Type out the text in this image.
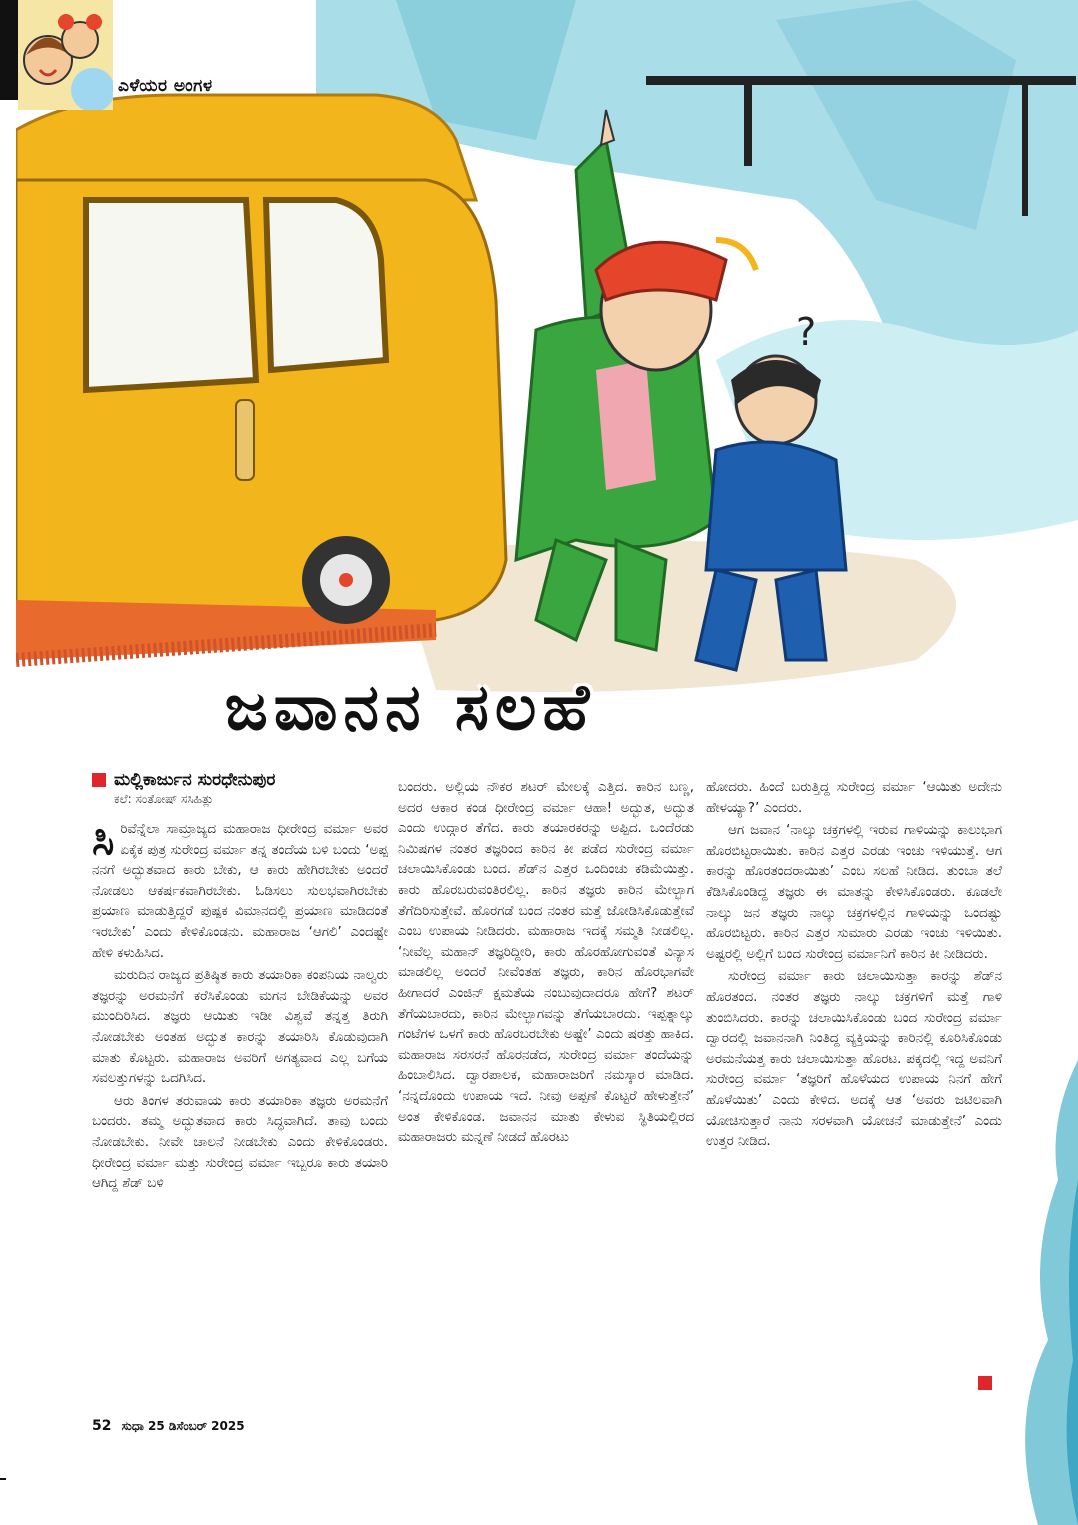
?
ಎಳೆಯರ ಅಂಗಳ
ಜವಾನನ ಸಲಹೆ
ಮಲ್ಲಿಕಾರ್ಜುನ ಸುರಧೇನುಪುರ
ಕಲೆ: ಸಂತೋಷ್ ಸಸಿಹಿತ್ಲು

ಸಿರಿವೆನ್ನೆಲಾ ಸಾಮ್ರಾಜ್ಯದ ಮಹಾರಾಜ ಧೀರೇಂದ್ರ ವರ್ಮಾ ಅವರ ಏಕೈಕ ಪುತ್ರ ಸುರೇಂದ್ರ ವರ್ಮಾ ತನ್ನ ತಂದೆಯ ಬಳಿ ಬಂದು ‘ಅಪ್ಪ ನನಗೆ ಅದ್ಭುತವಾದ ಕಾರು ಬೇಕು, ಆ ಕಾರು ಹೇಗಿರಬೇಕು ಅಂದರೆ ನೋಡಲು ಆಕರ್ಷಕವಾಗಿರಬೇಕು. ಓಡಿಸಲು ಸುಲಭವಾಗಿರಬೇಕು ಪ್ರಯಾಣ ಮಾಡುತ್ತಿದ್ದರೆ ಪುಷ್ಪಕ ವಿಮಾನದಲ್ಲಿ ಪ್ರಯಾಣ ಮಾಡಿದಂತೆ ಇರಬೇಕು’ ಎಂದು ಕೇಳಿಕೊಂಡನು. ಮಹಾರಾಜ ‘ಆಗಲಿ’ ಎಂದಷ್ಟೇ ಹೇಳಿ ಕಳುಹಿಸಿದ.

ಮರುದಿನ ರಾಜ್ಯದ ಪ್ರತಿಷ್ಠಿತ ಕಾರು ತಯಾರಿಕಾ ಕಂಪನಿಯ ನಾಲ್ವರು ತಜ್ಞರನ್ನು ಅರಮನೆಗೆ ಕರೆಸಿಕೊಂಡು ಮಗನ ಬೇಡಿಕೆಯನ್ನು ಅವರ ಮುಂದಿರಿಸಿದ. ತಜ್ಞರು ಆಯಿತು ಇಡೀ ವಿಶ್ವವೆ ತನ್ನತ್ತ ತಿರುಗಿ ನೋಡಬೇಕು ಅಂತಹ ಅದ್ಭುತ ಕಾರನ್ನು ತಯಾರಿಸಿ ಕೊಡುವುದಾಗಿ ಮಾತು ಕೊಟ್ಟರು. ಮಹಾರಾಜ ಅವರಿಗೆ ಅಗತ್ಯವಾದ ಎಲ್ಲ ಬಗೆಯ ಸವಲತ್ತುಗಳನ್ನು ಒದಗಿಸಿದ.

ಆರು ತಿಂಗಳ ತರುವಾಯ ಕಾರು ತಯಾರಿಕಾ ತಜ್ಞರು ಅರಮನೆಗೆ ಬಂದರು. ತಮ್ಮ ಅದ್ಭುತವಾದ ಕಾರು ಸಿದ್ಧವಾಗಿದೆ. ತಾವು ಬಂದು ನೋಡಬೇಕು. ನೀವೇ ಚಾಲನೆ ನೀಡಬೇಕು ಎಂದು ಕೇಳಿಕೊಂಡರು. ಧೀರೇಂದ್ರ ವರ್ಮಾ ಮತ್ತು ಸುರೇಂದ್ರ ವರ್ಮಾ ಇಬ್ಬರೂ ಕಾರು ತಯಾರಿ ಆಗಿದ್ದ ಶೆಡ್ ಬಳಿ

ಬಂದರು. ಅಲ್ಲಿಯ ನೌಕರ ಶಟರ್ ಮೇಲಕ್ಕೆ ಎತ್ತಿದ. ಕಾರಿನ ಬಣ್ಣ, ಅದರ ಆಕಾರ ಕಂಡ ಧೀರೇಂದ್ರ ವರ್ಮಾ ಆಹಾ! ಅದ್ಭುತ, ಅದ್ಭುತ ಎಂದು ಉದ್ಗಾರ ತೆಗೆದ. ಕಾರು ತಯಾರಕರನ್ನು ಅಪ್ಪಿದ. ಒಂದೆರಡು ನಿಮಿಷಗಳ ನಂತರ ತಜ್ಞರಿಂದ ಕಾರಿನ ಕೀ ಪಡೆದ ಸುರೇಂದ್ರ ವರ್ಮಾ ಚಲಾಯಿಸಿಕೊಂಡು ಬಂದ. ಶೆಡ್‌ನ ಎತ್ತರ ಒಂದಿಂಚು ಕಡಿಮೆಯಿತ್ತು. ಕಾರು ಹೊರಬರುವಂತಿರಲಿಲ್ಲ. ಕಾರಿನ ತಜ್ಞರು ಕಾರಿನ ಮೇಲ್ಭಾಗ ತೆಗೆದಿರಿಸುತ್ತೇವೆ. ಹೊರಗಡೆ ಬಂದ ನಂತರ ಮತ್ತೆ ಜೋಡಿಸಿಕೊಡುತ್ತೇವೆ ಎಂಬ ಉಪಾಯ ನೀಡಿದರು. ಮಹಾರಾಜ ಇದಕ್ಕೆ ಸಮ್ಮತಿ ನೀಡಲಿಲ್ಲ. ‘ನೀವೆಲ್ಲ ಮಹಾನ್ ತಜ್ಞರಿದ್ದೀರಿ, ಕಾರು ಹೊರಹೋಗುವಂತೆ ವಿನ್ಯಾಸ ಮಾಡಲಿಲ್ಲ ಅಂದರೆ ನೀವೆಂತಹ ತಜ್ಞರು, ಕಾರಿನ ಹೊರಭಾಗವೇ ಹೀಗಾದರೆ ಎಂಜಿನ್ ಕ್ಷಮತೆಯ ನಂಬುವುದಾದರೂ ಹೇಗೆ? ಶಟರ್ ತೆಗೆಯಬಾರದು, ಕಾರಿನ ಮೇಲ್ಭಾಗವನ್ನು ತೆಗೆಯಬಾರದು. ಇಪ್ಪತ್ನಾಲ್ಕು ಗಂಟೆಗಳ ಒಳಗೆ ಕಾರು ಹೊರಬರಬೇಕು ಅಷ್ಟೇ’ ಎಂದು ಷರತ್ತು ಹಾಕಿದ. ಮಹಾರಾಜ ಸರಸರನೆ ಹೊರನಡೆದ, ಸುರೇಂದ್ರ ವರ್ಮಾ ತಂದೆಯನ್ನು ಹಿಂಬಾಲಿಸಿದ. ದ್ವಾರಪಾಲಕ, ಮಹಾರಾಜರಿಗೆ ನಮಸ್ಕಾರ ಮಾಡಿದ. ‘ನನ್ನದೊಂದು ಉಪಾಯ ಇದೆ. ನೀವು ಅಪ್ಪಣೆ ಕೊಟ್ಟರೆ ಹೇಳುತ್ತೇನೆ’ ಅಂತ ಕೇಳಿಕೊಂಡ. ಜವಾನನ ಮಾತು ಕೇಳುವ ಸ್ಥಿತಿಯಲ್ಲಿರದ ಮಹಾರಾಜರು ಮನ್ನಣೆ ನೀಡದೆ ಹೊರಟು

ಹೋದರು. ಹಿಂದೆ ಬರುತ್ತಿದ್ದ ಸುರೇಂದ್ರ ವರ್ಮಾ ‘ಆಯಿತು ಅದೇನು ಹೇಳಯ್ಯಾ?’ ಎಂದರು.

ಆಗ ಜವಾನ ‘ನಾಲ್ಕು ಚಕ್ರಗಳಲ್ಲಿ ಇರುವ ಗಾಳಿಯನ್ನು ಕಾಲುಭಾಗ ಹೊರಬಿಟ್ಟರಾಯಿತು. ಕಾರಿನ ಎತ್ತರ ಎರಡು ಇಂಚು ಇಳಿಯುತ್ತೆ. ಆಗ ಕಾರನ್ನು ಹೊರತಂದರಾಯಿತು’ ಎಂಬ ಸಲಹೆ ನೀಡಿದ. ತುಂಬಾ ತಲೆ ಕೆಡಿಸಿಕೊಂಡಿದ್ದ ತಜ್ಞರು ಈ ಮಾತನ್ನು ಕೇಳಿಸಿಕೊಂಡರು. ಕೂಡಲೇ ನಾಲ್ಕು ಜನ ತಜ್ಞರು ನಾಲ್ಕು ಚಕ್ರಗಳಲ್ಲಿನ ಗಾಳಿಯನ್ನು ಒಂದಷ್ಟು ಹೊರಬಿಟ್ಟರು. ಕಾರಿನ ಎತ್ತರ ಸುಮಾರು ಎರಡು ಇಂಚು ಇಳಿಯಿತು. ಅಷ್ಟರಲ್ಲಿ ಅಲ್ಲಿಗೆ ಬಂದ ಸುರೇಂದ್ರ ವರ್ಮಾನಿಗೆ ಕಾರಿನ ಕೀ ನೀಡಿದರು.

ಸುರೇಂದ್ರ ವರ್ಮಾ ಕಾರು ಚಲಾಯಿಸುತ್ತಾ ಕಾರನ್ನು ಶೆಡ್‌ನ ಹೊರತಂದ. ನಂತರ ತಜ್ಞರು ನಾಲ್ಕು ಚಕ್ರಗಳಿಗೆ ಮತ್ತೆ ಗಾಳಿ ತುಂಬಿಸಿದರು. ಕಾರನ್ನು ಚಲಾಯಿಸಿಕೊಂಡು ಬಂದ ಸುರೇಂದ್ರ ವರ್ಮಾ ದ್ವಾರದಲ್ಲಿ ಜವಾನನಾಗಿ ನಿಂತಿದ್ದ ವ್ಯಕ್ತಿಯನ್ನು ಕಾರಿನಲ್ಲಿ ಕೂರಿಸಿಕೊಂಡು ಅರಮನೆಯತ್ತ ಕಾರು ಚಲಾಯಿಸುತ್ತಾ ಹೊರಟ. ಪಕ್ಕದಲ್ಲಿ ಇದ್ದ ಅವನಿಗೆ ಸುರೇಂದ್ರ ವರ್ಮಾ ‘ತಜ್ಞರಿಗೆ ಹೊಳೆಯದ ಉಪಾಯ ನಿನಗೆ ಹೇಗೆ ಹೊಳೆಯಿತು’ ಎಂದು ಕೇಳಿದ. ಅದಕ್ಕೆ ಆತ ‘ಅವರು ಜಟಿಲವಾಗಿ ಯೋಚಿಸುತ್ತಾರೆ ನಾನು ಸರಳವಾಗಿ ಯೋಚನೆ ಮಾಡುತ್ತೇನೆ’ ಎಂದು ಉತ್ತರ ನೀಡಿದ.

52 ಸುಧಾ 25 ಡಿಸೆಂಬರ್ 2025
